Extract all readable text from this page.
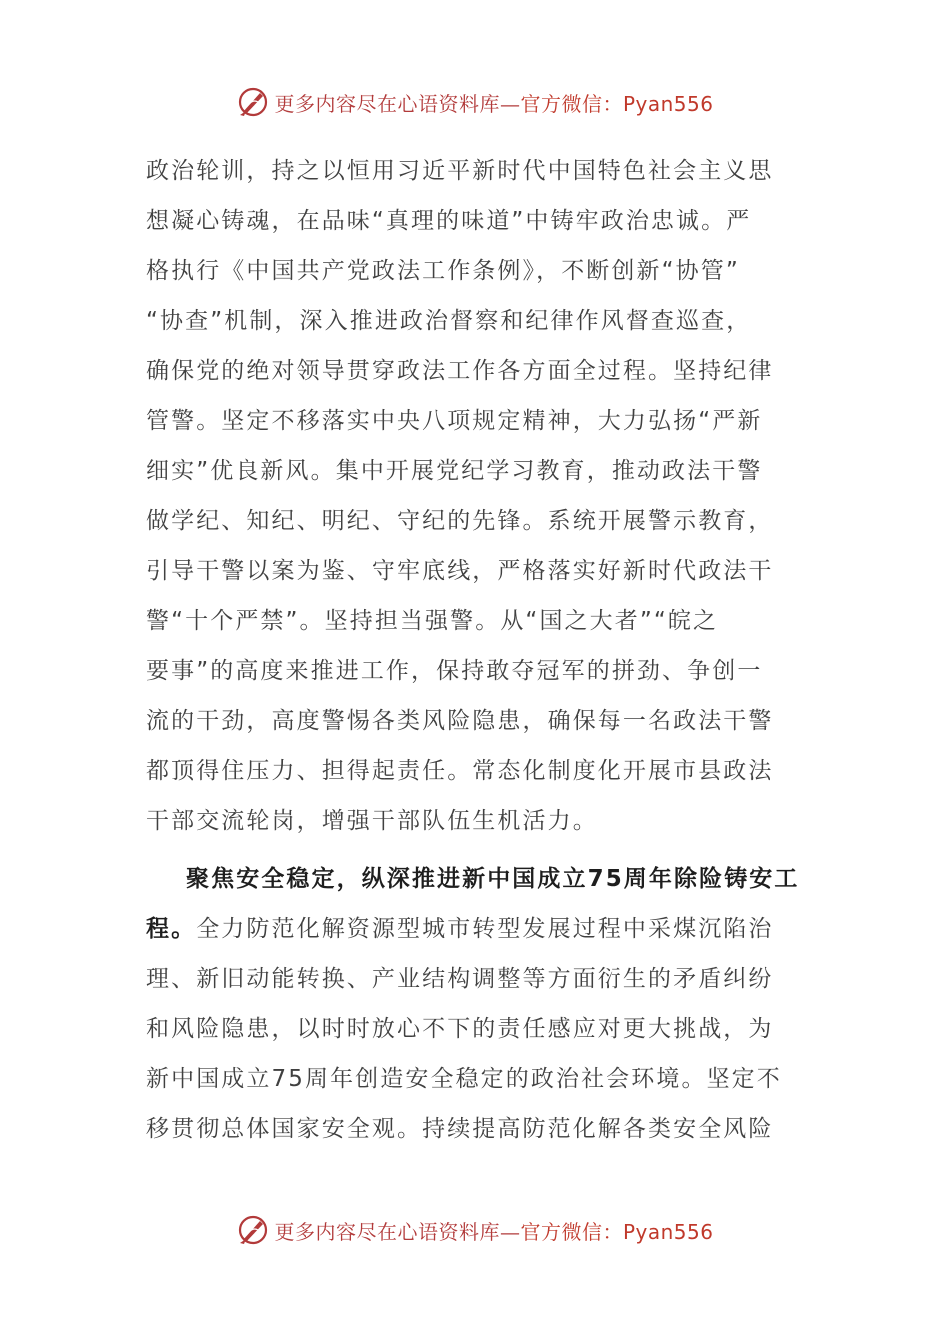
更多内容尽在心语资料库—官方微信：Pyan556
政治轮训，持之以恒用习近平新时代中国特色社会主义思
想凝心铸魂，在品味“真理的味道”中铸牢政治忠诚。严
格执行《中国共产党政法工作条例》，不断创新“协管”
“协查”机制，深入推进政治督察和纪律作风督查巡查，
确保党的绝对领导贯穿政法工作各方面全过程。坚持纪律
管警。坚定不移落实中央八项规定精神，大力弘扬“严新
细实”优良新风。集中开展党纪学习教育，推动政法干警
做学纪、知纪、明纪、守纪的先锋。系统开展警示教育，
引导干警以案为鉴、守牢底线，严格落实好新时代政法干
警“十个严禁”。坚持担当强警。从“国之大者”“皖之
要事”的高度来推进工作，保持敢夺冠军的拼劲、争创一
流的干劲，高度警惕各类风险隐患，确保每一名政法干警
都顶得住压力、担得起责任。常态化制度化开展市县政法
干部交流轮岗，增强干部队伍生机活力。
聚焦安全稳定，纵深推进新中国成立75周年除险铸安工
程。全力防范化解资源型城市转型发展过程中采煤沉陷治
理、新旧动能转换、产业结构调整等方面衍生的矛盾纠纷
和风险隐患，以时时放心不下的责任感应对更大挑战，为
新中国成立75周年创造安全稳定的政治社会环境。坚定不
移贯彻总体国家安全观。持续提高防范化解各类安全风险
更多内容尽在心语资料库—官方微信：Pyan556
